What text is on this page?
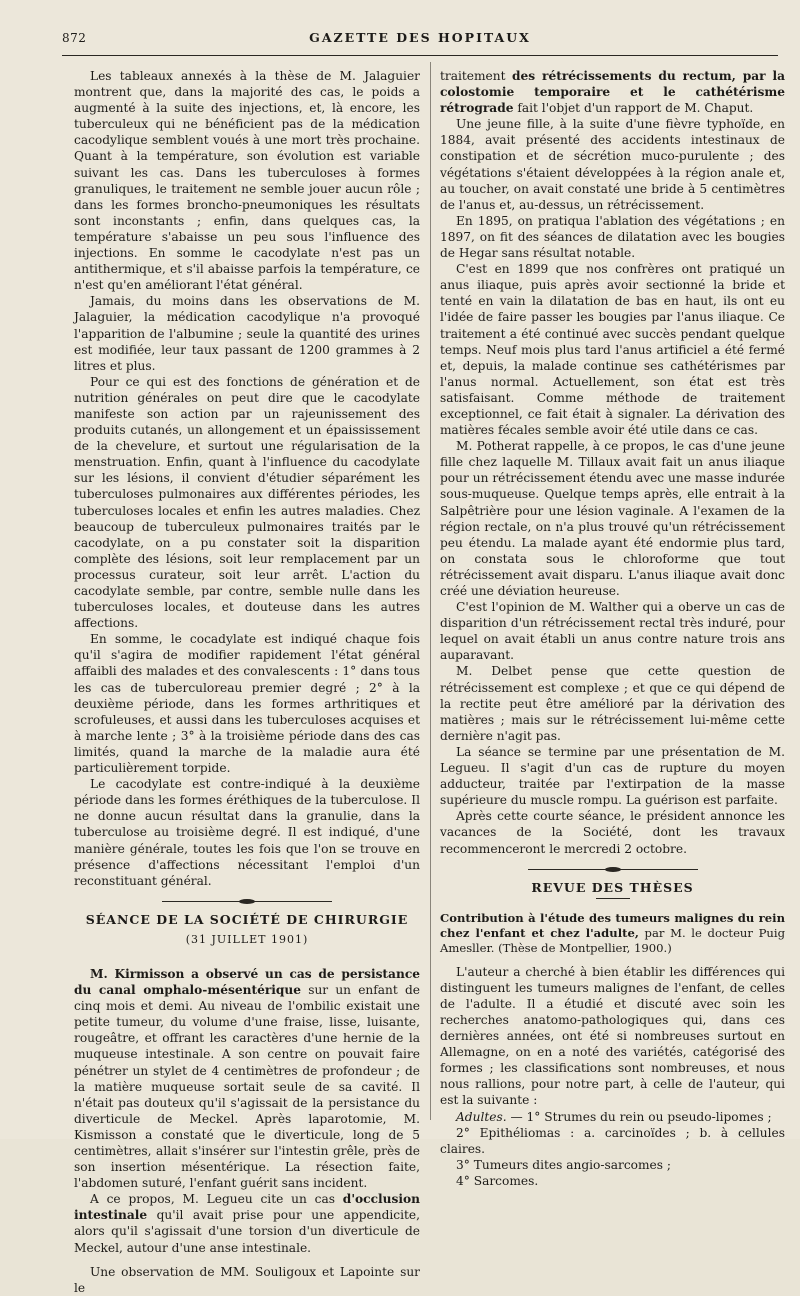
872	GAZETTE DES HOPITAUX

Les tableaux annexés à la thèse de M. Jalaguier montrent que, dans la majorité des cas, le poids a augmenté à la suite des injections, et, là encore, les tuberculeux qui ne bénéficient pas de la médication cacodylique semblent voués à une mort très prochaine. Quant à la température, son évolution est variable suivant les cas. Dans les tuberculoses à formes granuliques, le traitement ne semble jouer aucun rôle ; dans les formes broncho-pneumoniques les résultats sont inconstants ; enfin, dans quelques cas, la température s'abaisse un peu sous l'influence des injections. En somme le cacodylate n'est pas un antithermique, et s'il abaisse parfois la température, ce n'est qu'en améliorant l'état général.

Jamais, du moins dans les observations de M. Jalaguier, la médication cacodylique n'a provoqué l'apparition de l'albumine ; seule la quantité des urines est modifiée, leur taux passant de 1200 grammes à 2 litres et plus.

Pour ce qui est des fonctions de génération et de nutrition générales on peut dire que le cacodylate manifeste son action par un rajeunissement des produits cutanés, un allongement et un épaississement de la chevelure, et surtout une régularisation de la menstruation. Enfin, quant à l'influence du cacodylate sur les lésions, il convient d'étudier séparément les tuberculoses pulmonaires aux différentes périodes, les tuberculoses locales et enfin les autres maladies. Chez beaucoup de tuberculeux pulmonaires traités par le cacodylate, on a pu constater soit la disparition complète des lésions, soit leur remplacement par un processus curateur, soit leur arrêt. L'action du cacodylate semble, par contre, semble nulle dans les tuberculoses locales, et douteuse dans les autres affections.

En somme, le cocadylate est indiqué chaque fois qu'il s'agira de modifier rapidement l'état général affaibli des malades et des convalescents : 1° dans tous les cas de tuberculoreau premier degré ; 2° à la deuxième période, dans les formes arthritiques et scrofuleuses, et aussi dans les tuberculoses acquises et à marche lente ; 3° à la troisième période dans des cas limités, quand la marche de la maladie aura été particulièrement torpide.

Le cacodylate est contre-indiqué à la deuxième période dans les formes éréthiques de la tuberculose. Il ne donne aucun résultat dans la granulie, dans la tuberculose au troisième degré. Il est indiqué, d'une manière générale, toutes les fois que l'on se trouve en présence d'affections nécessitant l'emploi d'un reconstituant général.

SÉANCE DE LA SOCIÉTÉ DE CHIRURGIE
(31 JUILLET 1901)

M. Kirmisson a observé un cas de persistance du canal omphalo-mésentérique sur un enfant de cinq mois et demi. Au niveau de l'ombilic existait une petite tumeur, du volume d'une fraise, lisse, luisante, rougeâtre, et offrant les caractères d'une hernie de la muqueuse intestinale. A son centre on pouvait faire pénétrer un stylet de 4 centimètres de profondeur ; de la matière muqueuse sortait seule de sa cavité. Il n'était pas douteux qu'il s'agissait de la persistance du diverticule de Meckel. Après laparotomie, M. Kismisson a constaté que le diverticule, long de 5 centimètres, allait s'insérer sur l'intestin grêle, près de son insertion mésentérique. La résection faite, l'abdomen suturé, l'enfant guérit sans incident.

A ce propos, M. Legueu cite un cas d'occlusion intestinale qu'il avait prise pour une appendicite, alors qu'il s'agissait d'une torsion d'un diverticule de Meckel, autour d'une anse intestinale.

Une observation de MM. Souligoux et Lapointe sur le

traitement des rétrécissements du rectum, par la colostomie temporaire et le cathétérisme rétrograde fait l'objet d'un rapport de M. Chaput.

Une jeune fille, à la suite d'une fièvre typhoïde, en 1884, avait présenté des accidents intestinaux de constipation et de sécrétion muco-purulente ; des végétations s'étaient développées à la région anale et, au toucher, on avait constaté une bride à 5 centimètres de l'anus et, au-dessus, un rétrécissement.

En 1895, on pratiqua l'ablation des végétations ; en 1897, on fit des séances de dilatation avec les bougies de Hegar sans résultat notable.

C'est en 1899 que nos confrères ont pratiqué un anus iliaque, puis après avoir sectionné la bride et tenté en vain la dilatation de bas en haut, ils ont eu l'idée de faire passer les bougies par l'anus iliaque. Ce traitement a été continué avec succès pendant quelque temps. Neuf mois plus tard l'anus artificiel a été fermé et, depuis, la malade continue ses cathétérismes par l'anus normal. Actuellement, son état est très satisfaisant. Comme méthode de traitement exceptionnel, ce fait était à signaler. La dérivation des matières fécales semble avoir été utile dans ce cas.

M. Potherat rappelle, à ce propos, le cas d'une jeune fille chez laquelle M. Tillaux avait fait un anus iliaque pour un rétrécissement étendu avec une masse indurée sous-muqueuse. Quelque temps après, elle entrait à la Salpêtrière pour une lésion vaginale. A l'examen de la région rectale, on n'a plus trouvé qu'un rétrécissement peu étendu. La malade ayant été endormie plus tard, on constata sous le chloroforme que tout rétrécissement avait disparu. L'anus iliaque avait donc créé une déviation heureuse.

C'est l'opinion de M. Walther qui a oberve un cas de disparition d'un rétrécissement rectal très induré, pour lequel on avait établi un anus contre nature trois ans auparavant.

M. Delbet pense que cette question de rétrécissement est complexe ; et que ce qui dépend de la rectite peut être amélioré par la dérivation des matières ; mais sur le rétrécissement lui-même cette dernière n'agit pas.

La séance se termine par une présentation de M. Legueu. Il s'agit d'un cas de rupture du moyen adducteur, traitée par l'extirpation de la masse supérieure du muscle rompu. La guérison est parfaite.

Après cette courte séance, le président annonce les vacances de la Société, dont les travaux recommenceront le mercredi 2 octobre.

REVUE DES THÈSES

Contribution à l'étude des tumeurs malignes du rein chez l'enfant et chez l'adulte, par M. le docteur Puig Amesller. (Thèse de Montpellier, 1900.)

L'auteur a cherché à bien établir les différences qui distinguent les tumeurs malignes de l'enfant, de celles de l'adulte. Il a étudié et discuté avec soin les recherches anatomo-pathologiques qui, dans ces dernières années, ont été si nombreuses surtout en Allemagne, on en a noté des variétés, catégorisé des formes ; les classifications sont nombreuses, et nous nous rallions, pour notre part, à celle de l'auteur, qui est la suivante :

Adultes. — 1° Strumes du rein ou pseudo-lipomes ;

2° Epithéliomas : a. carcinoïdes ; b. à cellules claires.

3° Tumeurs dites angio-sarcomes ;

4° Sarcomes.
